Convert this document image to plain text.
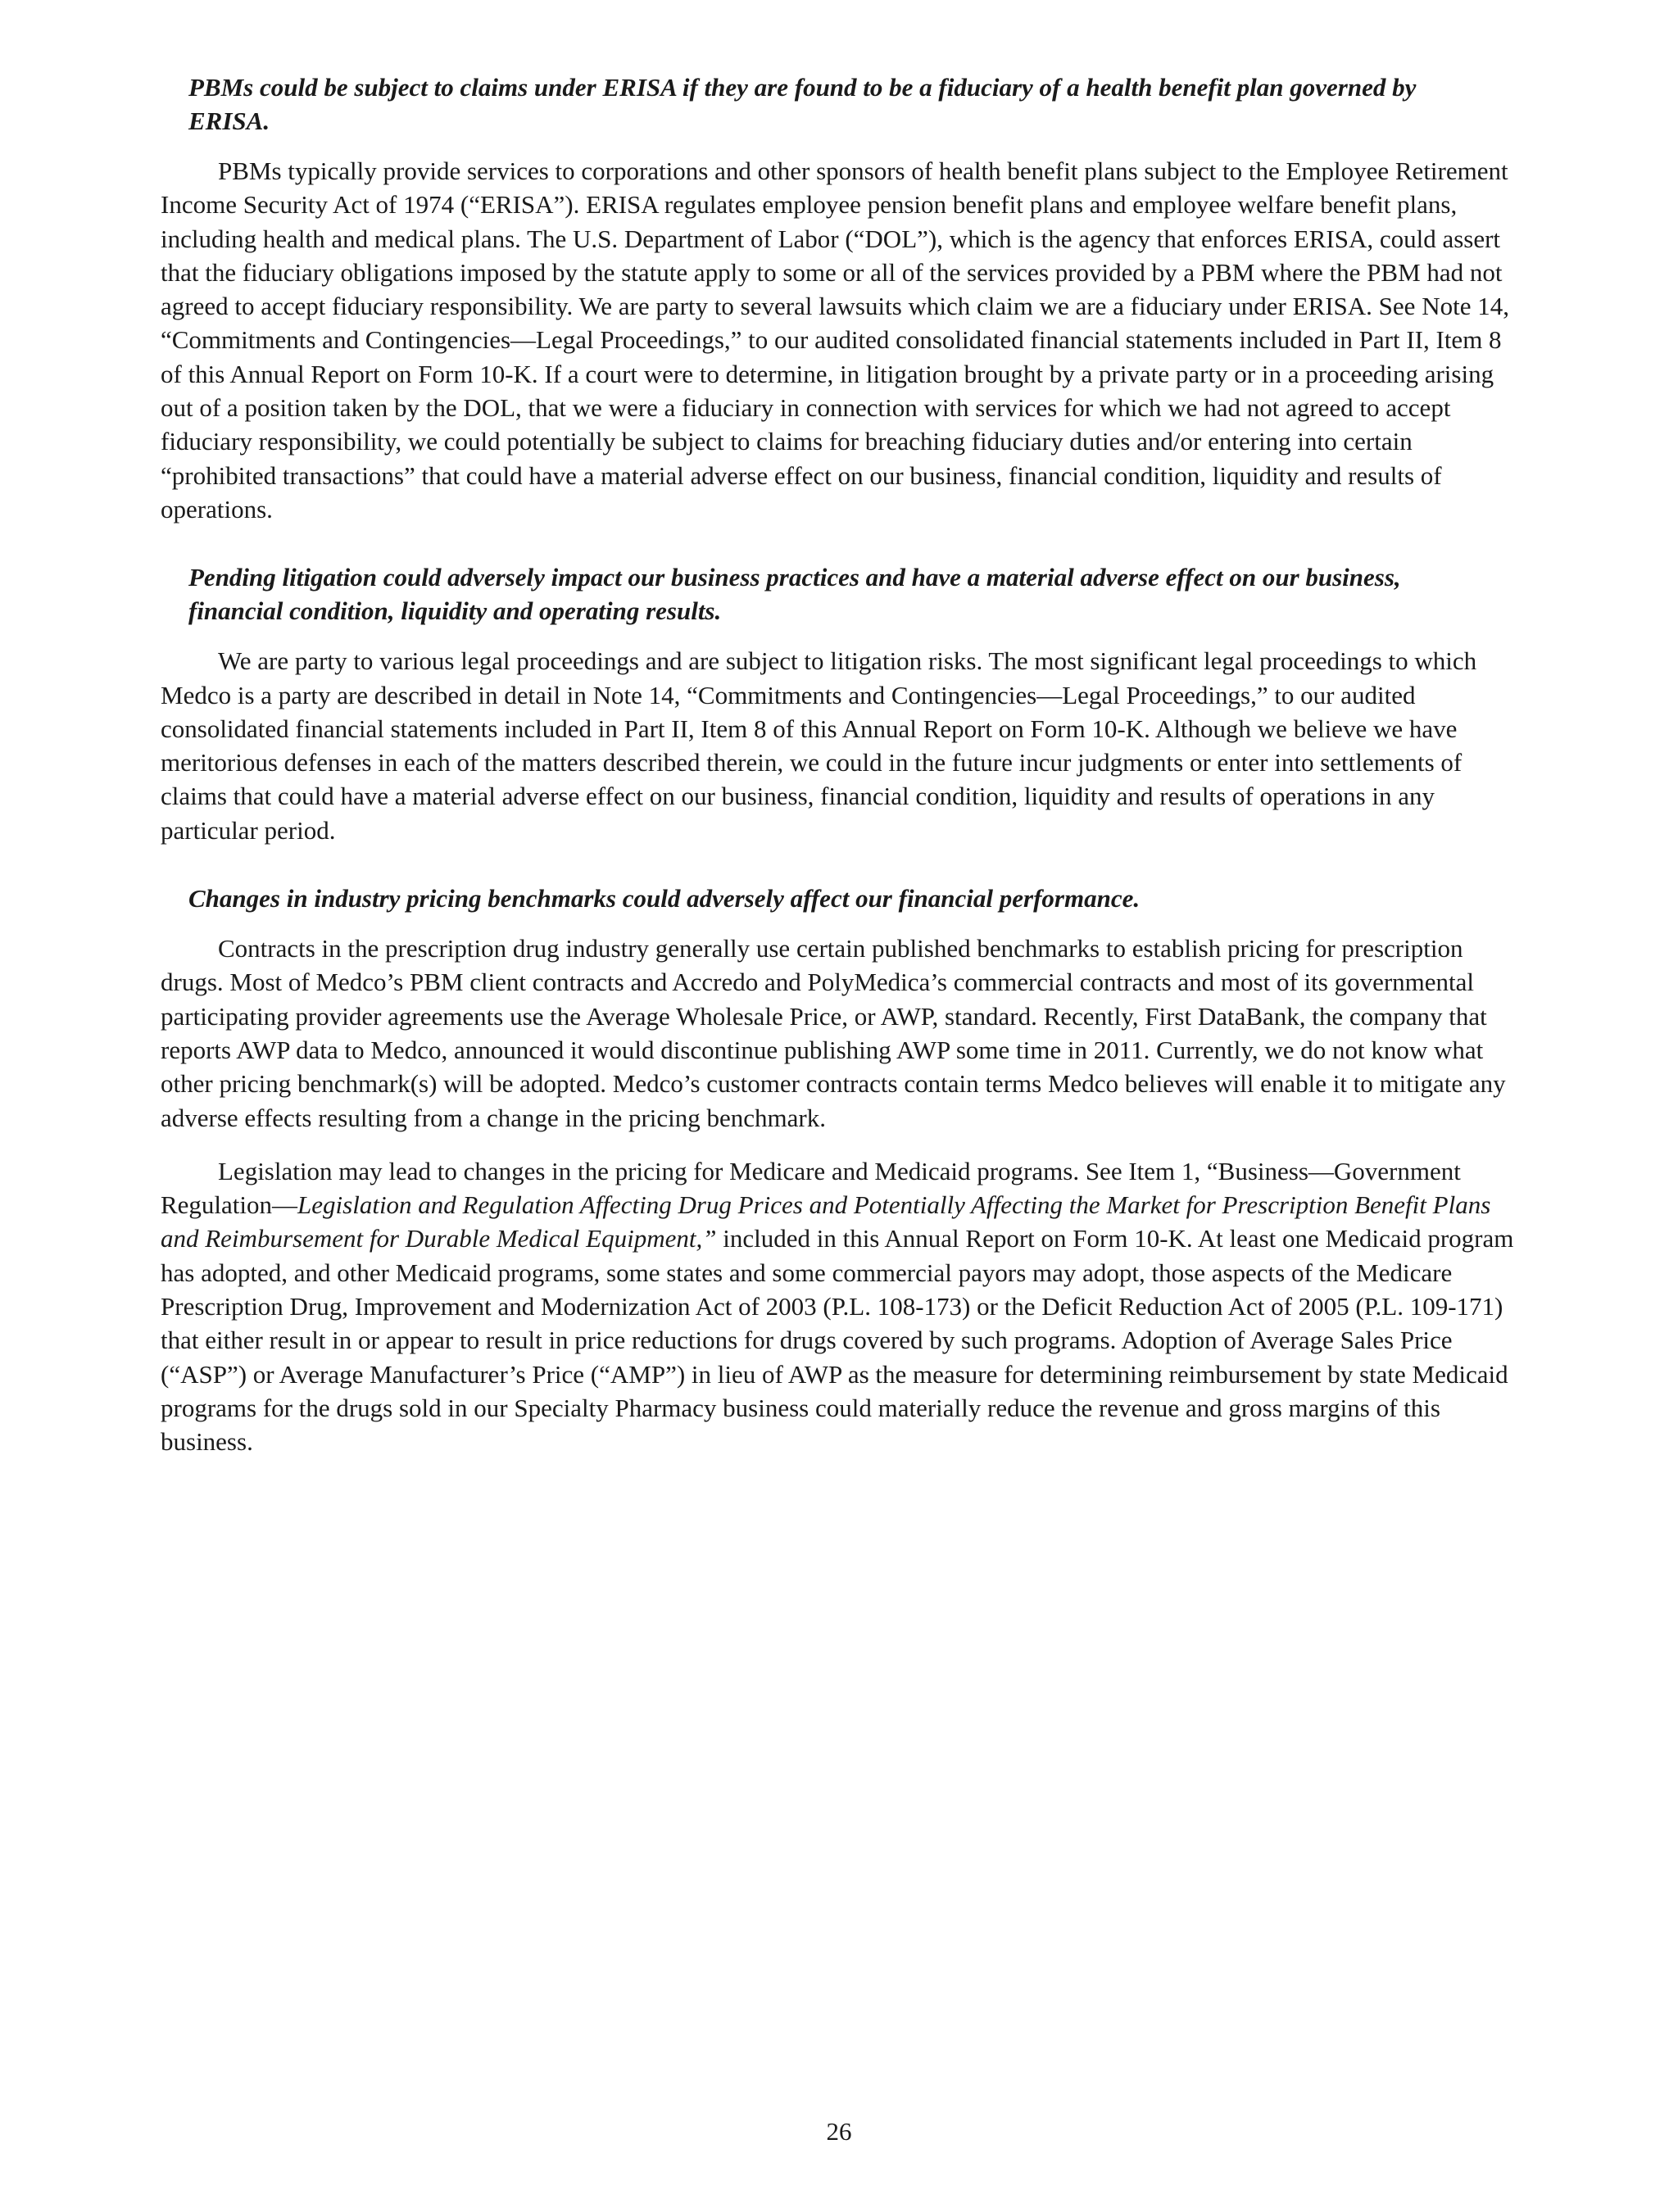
PBMs could be subject to claims under ERISA if they are found to be a fiduciary of a health benefit plan governed by ERISA.

PBMs typically provide services to corporations and other sponsors of health benefit plans subject to the Employee Retirement Income Security Act of 1974 (“ERISA”). ERISA regulates employee pension benefit plans and employee welfare benefit plans, including health and medical plans. The U.S. Department of Labor (“DOL”), which is the agency that enforces ERISA, could assert that the fiduciary obligations imposed by the statute apply to some or all of the services provided by a PBM where the PBM had not agreed to accept fiduciary responsibility. We are party to several lawsuits which claim we are a fiduciary under ERISA. See Note 14, “Commitments and Contingencies—Legal Proceedings,” to our audited consolidated financial statements included in Part II, Item 8 of this Annual Report on Form 10-K. If a court were to determine, in litigation brought by a private party or in a proceeding arising out of a position taken by the DOL, that we were a fiduciary in connection with services for which we had not agreed to accept fiduciary responsibility, we could potentially be subject to claims for breaching fiduciary duties and/or entering into certain “prohibited transactions” that could have a material adverse effect on our business, financial condition, liquidity and results of operations.

Pending litigation could adversely impact our business practices and have a material adverse effect on our business, financial condition, liquidity and operating results.

We are party to various legal proceedings and are subject to litigation risks. The most significant legal proceedings to which Medco is a party are described in detail in Note 14, “Commitments and Contingencies—Legal Proceedings,” to our audited consolidated financial statements included in Part II, Item 8 of this Annual Report on Form 10-K. Although we believe we have meritorious defenses in each of the matters described therein, we could in the future incur judgments or enter into settlements of claims that could have a material adverse effect on our business, financial condition, liquidity and results of operations in any particular period.

Changes in industry pricing benchmarks could adversely affect our financial performance.

Contracts in the prescription drug industry generally use certain published benchmarks to establish pricing for prescription drugs. Most of Medco’s PBM client contracts and Accredo and PolyMedica’s commercial contracts and most of its governmental participating provider agreements use the Average Wholesale Price, or AWP, standard. Recently, First DataBank, the company that reports AWP data to Medco, announced it would discontinue publishing AWP some time in 2011. Currently, we do not know what other pricing benchmark(s) will be adopted. Medco’s customer contracts contain terms Medco believes will enable it to mitigate any adverse effects resulting from a change in the pricing benchmark.

Legislation may lead to changes in the pricing for Medicare and Medicaid programs. See Item 1, “Business—Government Regulation—Legislation and Regulation Affecting Drug Prices and Potentially Affecting the Market for Prescription Benefit Plans and Reimbursement for Durable Medical Equipment,” included in this Annual Report on Form 10-K. At least one Medicaid program has adopted, and other Medicaid programs, some states and some commercial payors may adopt, those aspects of the Medicare Prescription Drug, Improvement and Modernization Act of 2003 (P.L. 108-173) or the Deficit Reduction Act of 2005 (P.L. 109-171) that either result in or appear to result in price reductions for drugs covered by such programs. Adoption of Average Sales Price (“ASP”) or Average Manufacturer’s Price (“AMP”) in lieu of AWP as the measure for determining reimbursement by state Medicaid programs for the drugs sold in our Specialty Pharmacy business could materially reduce the revenue and gross margins of this business.

26
